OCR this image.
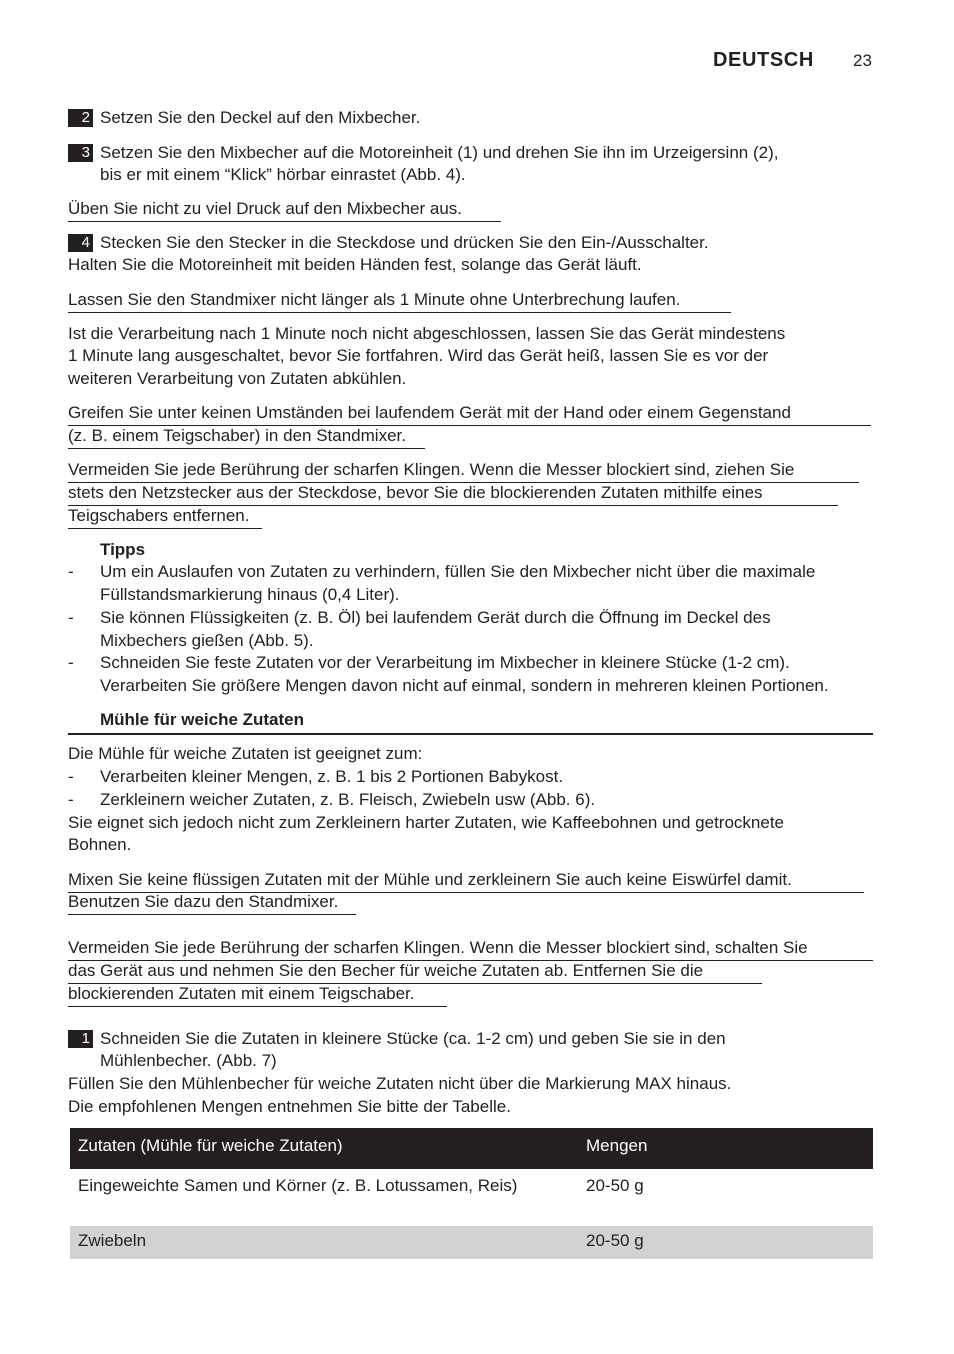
DEUTSCH 23
2 Setzen Sie den Deckel auf den Mixbecher.
3 Setzen Sie den Mixbecher auf die Motoreinheit (1) und drehen Sie ihn im Urzeigersinn (2),
bis er mit einem “Klick” hörbar einrastet (Abb. 4).
Üben Sie nicht zu viel Druck auf den Mixbecher aus.
4 Stecken Sie den Stecker in die Steckdose und drücken Sie den Ein-/Ausschalter.
Halten Sie die Motoreinheit mit beiden Händen fest, solange das Gerät läuft.
Lassen Sie den Standmixer nicht länger als 1 Minute ohne Unterbrechung laufen.
Ist die Verarbeitung nach 1 Minute noch nicht abgeschlossen, lassen Sie das Gerät mindestens
1 Minute lang ausgeschaltet, bevor Sie fortfahren. Wird das Gerät heiß, lassen Sie es vor der
weiteren Verarbeitung von Zutaten abkühlen.
Greifen Sie unter keinen Umständen bei laufendem Gerät mit der Hand oder einem Gegenstand
(z. B. einem Teigschaber) in den Standmixer.
Vermeiden Sie jede Berührung der scharfen Klingen. Wenn die Messer blockiert sind, ziehen Sie
stets den Netzstecker aus der Steckdose, bevor Sie die blockierenden Zutaten mithilfe eines
Teigschabers entfernen.
Tipps
- Um ein Auslaufen von Zutaten zu verhindern, füllen Sie den Mixbecher nicht über die maximale
Füllstandsmarkierung hinaus (0,4 Liter).
- Sie können Flüssigkeiten (z. B. Öl) bei laufendem Gerät durch die Öffnung im Deckel des
Mixbechers gießen (Abb. 5).
- Schneiden Sie feste Zutaten vor der Verarbeitung im Mixbecher in kleinere Stücke (1-2 cm).
Verarbeiten Sie größere Mengen davon nicht auf einmal, sondern in mehreren kleinen Portionen.
Mühle für weiche Zutaten
Die Mühle für weiche Zutaten ist geeignet zum:
- Verarbeiten kleiner Mengen, z. B. 1 bis 2 Portionen Babykost.
- Zerkleinern weicher Zutaten, z. B. Fleisch, Zwiebeln usw (Abb. 6).
Sie eignet sich jedoch nicht zum Zerkleinern harter Zutaten, wie Kaffeebohnen und getrocknete
Bohnen.
Mixen Sie keine flüssigen Zutaten mit der Mühle und zerkleinern Sie auch keine Eiswürfel damit.
Benutzen Sie dazu den Standmixer.
Vermeiden Sie jede Berührung der scharfen Klingen. Wenn die Messer blockiert sind, schalten Sie
das Gerät aus und nehmen Sie den Becher für weiche Zutaten ab. Entfernen Sie die
blockierenden Zutaten mit einem Teigschaber.
1 Schneiden Sie die Zutaten in kleinere Stücke (ca. 1-2 cm) und geben Sie sie in den
Mühlenbecher. (Abb. 7)
Füllen Sie den Mühlenbecher für weiche Zutaten nicht über die Markierung MAX hinaus.
Die empfohlenen Mengen entnehmen Sie bitte der Tabelle.
Zutaten (Mühle für weiche Zutaten)	Mengen
Eingeweichte Samen und Körner (z. B. Lotussamen, Reis)	20-50 g
Zwiebeln	20-50 g
